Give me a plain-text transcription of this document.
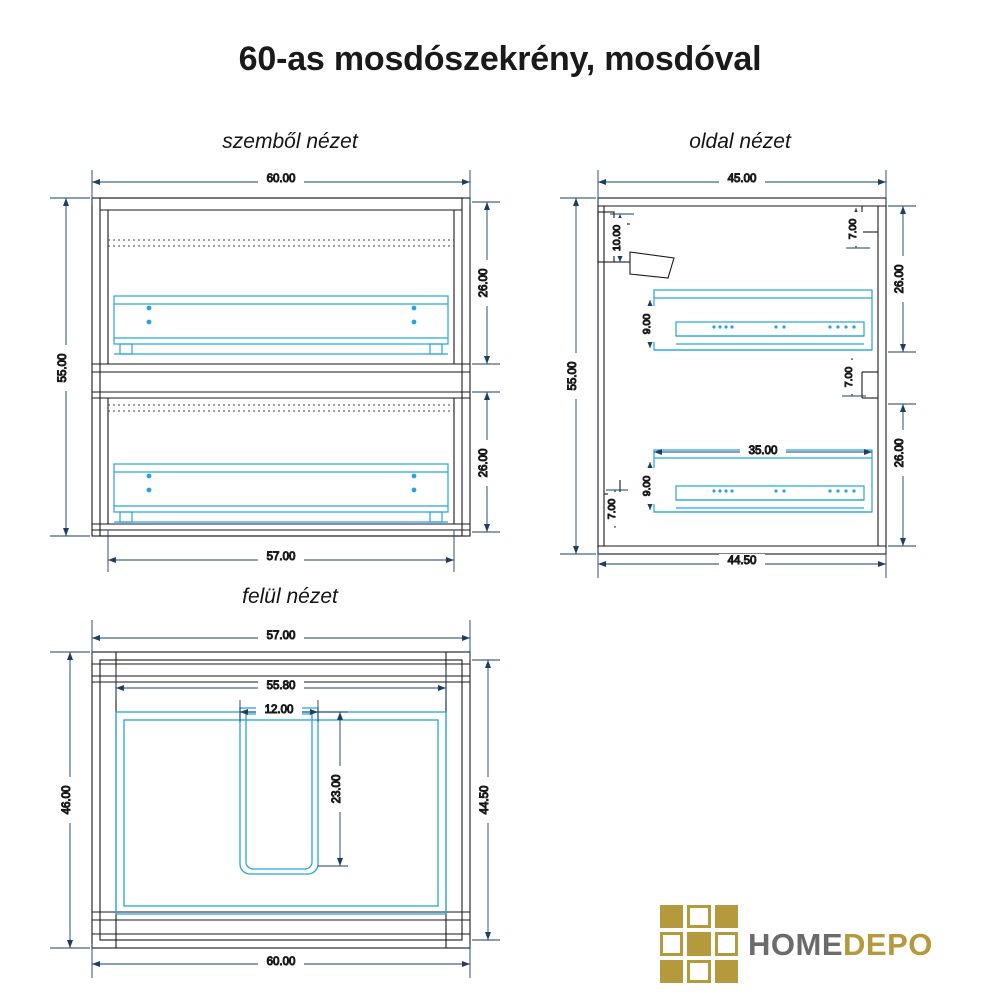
60-as mosdószekrény, mosdóval
szemből nézet	oldal nézet
felül nézet
60.00
57.00
55.00
26.00
26.00
45.00
44.50
55.00
26.00
26.00
35.00
10.00	7.00
9.00
7.00
9.00
7.00
57.00
55.80
12.00
23.00
46.00	44.50
60.00
HOMEDEPO
